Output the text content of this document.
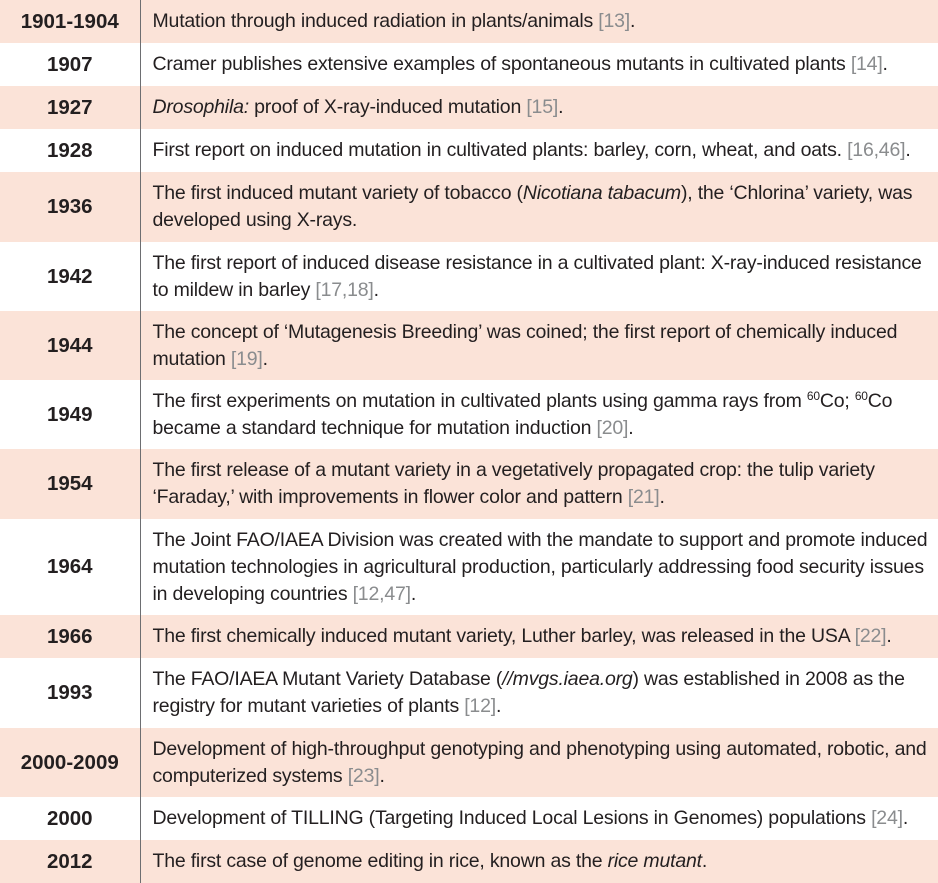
1901-1904	Mutation through induced radiation in plants/animals [13].
1907	Cramer publishes extensive examples of spontaneous mutants in cultivated plants [14].
1927	Drosophila: proof of X-ray-induced mutation [15].
1928	First report on induced mutation in cultivated plants: barley, corn, wheat, and oats. [16,46].
1936	The first induced mutant variety of tobacco (Nicotiana tabacum), the ‘Chlorina’ variety, was developed using X-rays.
1942	The first report of induced disease resistance in a cultivated plant: X-ray-induced resistance to mildew in barley [17,18].
1944	The concept of ‘Mutagenesis Breeding’ was coined; the first report of chemically induced mutation [19].
1949	The first experiments on mutation in cultivated plants using gamma rays from $^{60}$Co; $^{60}$Co became a standard technique for mutation induction [20].
1954	The first release of a mutant variety in a vegetatively propagated crop: the tulip variety ‘Faraday,’ with improvements in flower color and pattern [21].
1964	The Joint FAO/IAEA Division was created with the mandate to support and promote induced mutation technologies in agricultural production, particularly addressing food security issues in developing countries [12,47].
1966	The first chemically induced mutant variety, Luther barley, was released in the USA [22].
1993	The FAO/IAEA Mutant Variety Database (//mvgs.iaea.org) was established in 2008 as the registry for mutant varieties of plants [12].
2000-2009	Development of high-throughput genotyping and phenotyping using automated, robotic, and computerized systems [23].
2000	Development of TILLING (Targeting Induced Local Lesions in Genomes) populations [24].
2012	The first case of genome editing in rice, known as the rice mutant.
